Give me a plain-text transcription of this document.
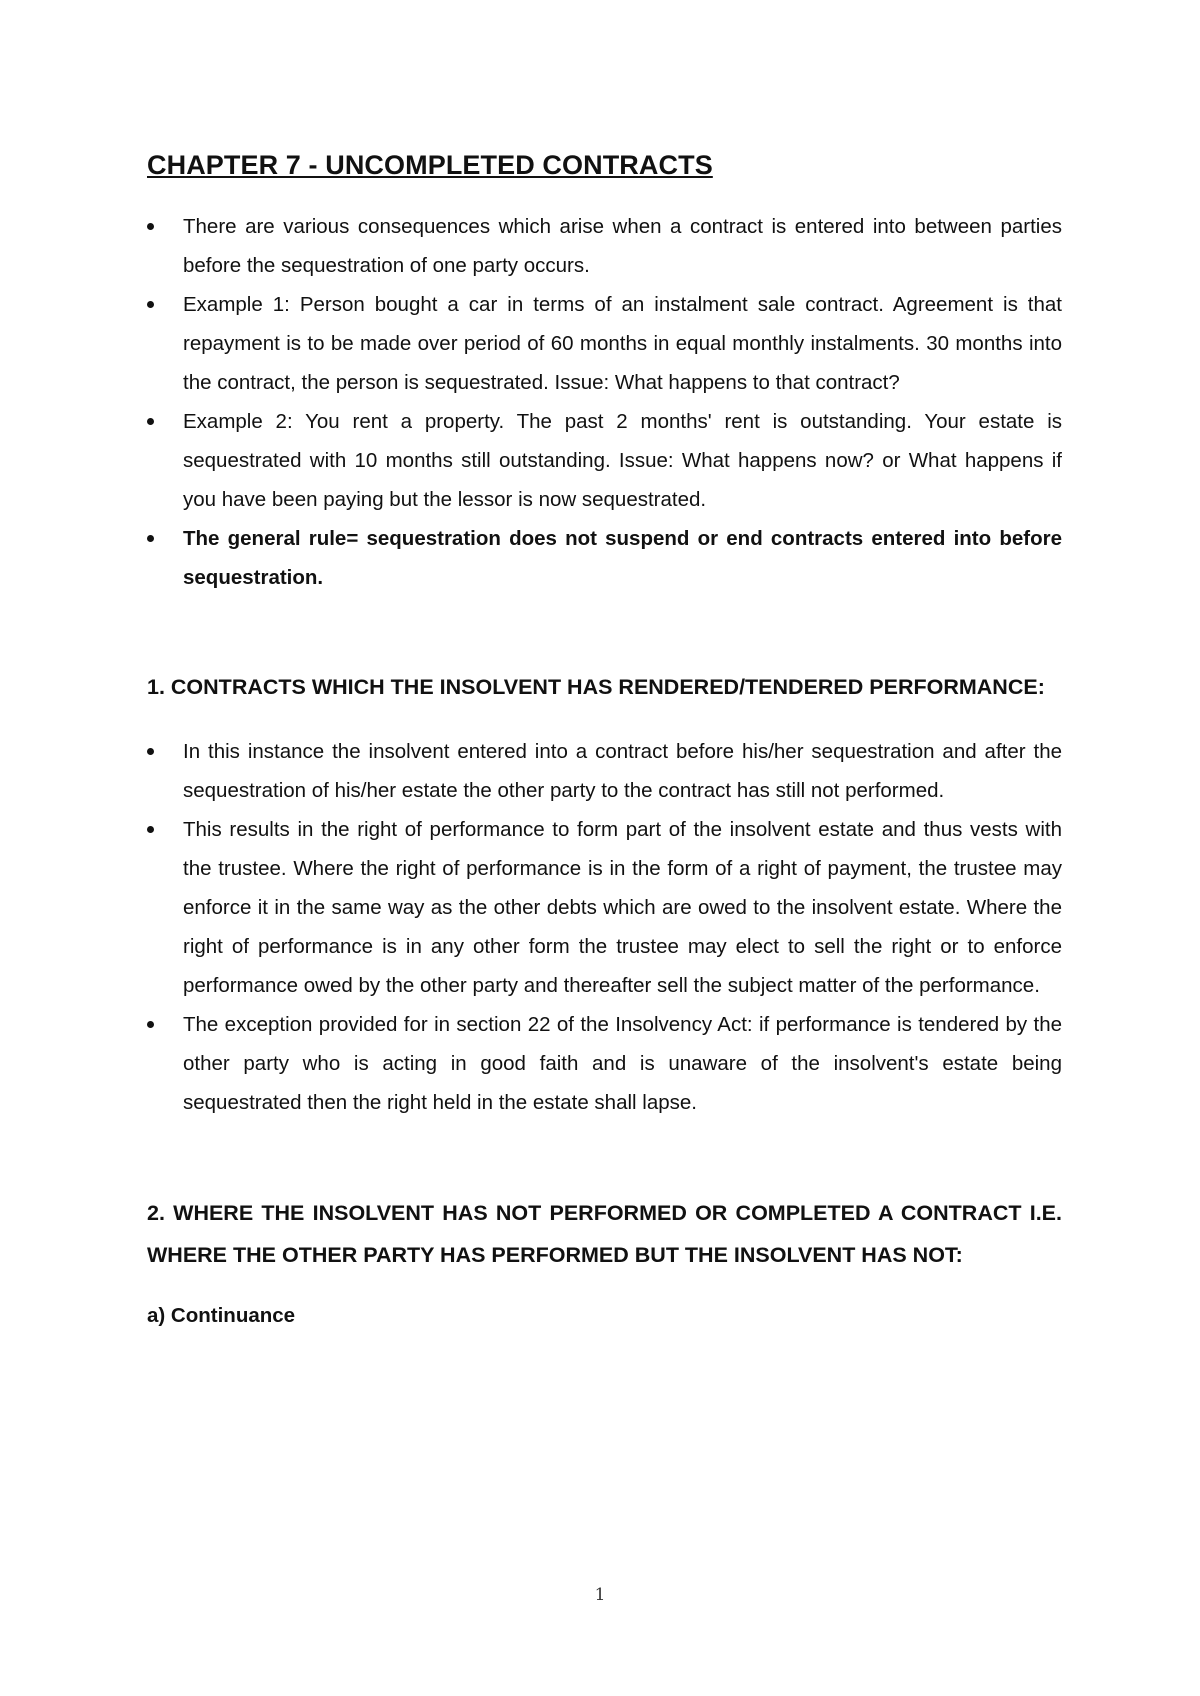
CHAPTER 7 - UNCOMPLETED CONTRACTS
There are various consequences which arise when a contract is entered into between parties before the sequestration of one party occurs.
Example 1: Person bought a car in terms of an instalment sale contract. Agreement is that repayment is to be made over period of 60 months in equal monthly instalments. 30 months into the contract, the person is sequestrated. Issue: What happens to that contract?
Example 2: You rent a property. The past 2 months' rent is outstanding. Your estate is sequestrated with 10 months still outstanding. Issue: What happens now? or What happens if you have been paying but the lessor is now sequestrated.
The general rule= sequestration does not suspend or end contracts entered into before sequestration.
1. CONTRACTS WHICH THE INSOLVENT HAS RENDERED/TENDERED PERFORMANCE:
In this instance the insolvent entered into a contract before his/her sequestration and after the sequestration of his/her estate the other party to the contract has still not performed.
This results in the right of performance to form part of the insolvent estate and thus vests with the trustee. Where the right of performance is in the form of a right of payment, the trustee may enforce it in the same way as the other debts which are owed to the insolvent estate. Where the right of performance is in any other form the trustee may elect to sell the right or to enforce performance owed by the other party and thereafter sell the subject matter of the performance.
The exception provided for in section 22 of the Insolvency Act: if performance is tendered by the other party who is acting in good faith and is unaware of the insolvent's estate being sequestrated then the right held in the estate shall lapse.
2. WHERE THE INSOLVENT HAS NOT PERFORMED OR COMPLETED A CONTRACT I.E. WHERE THE OTHER PARTY HAS PERFORMED BUT THE INSOLVENT HAS NOT:
a) Continuance
1
